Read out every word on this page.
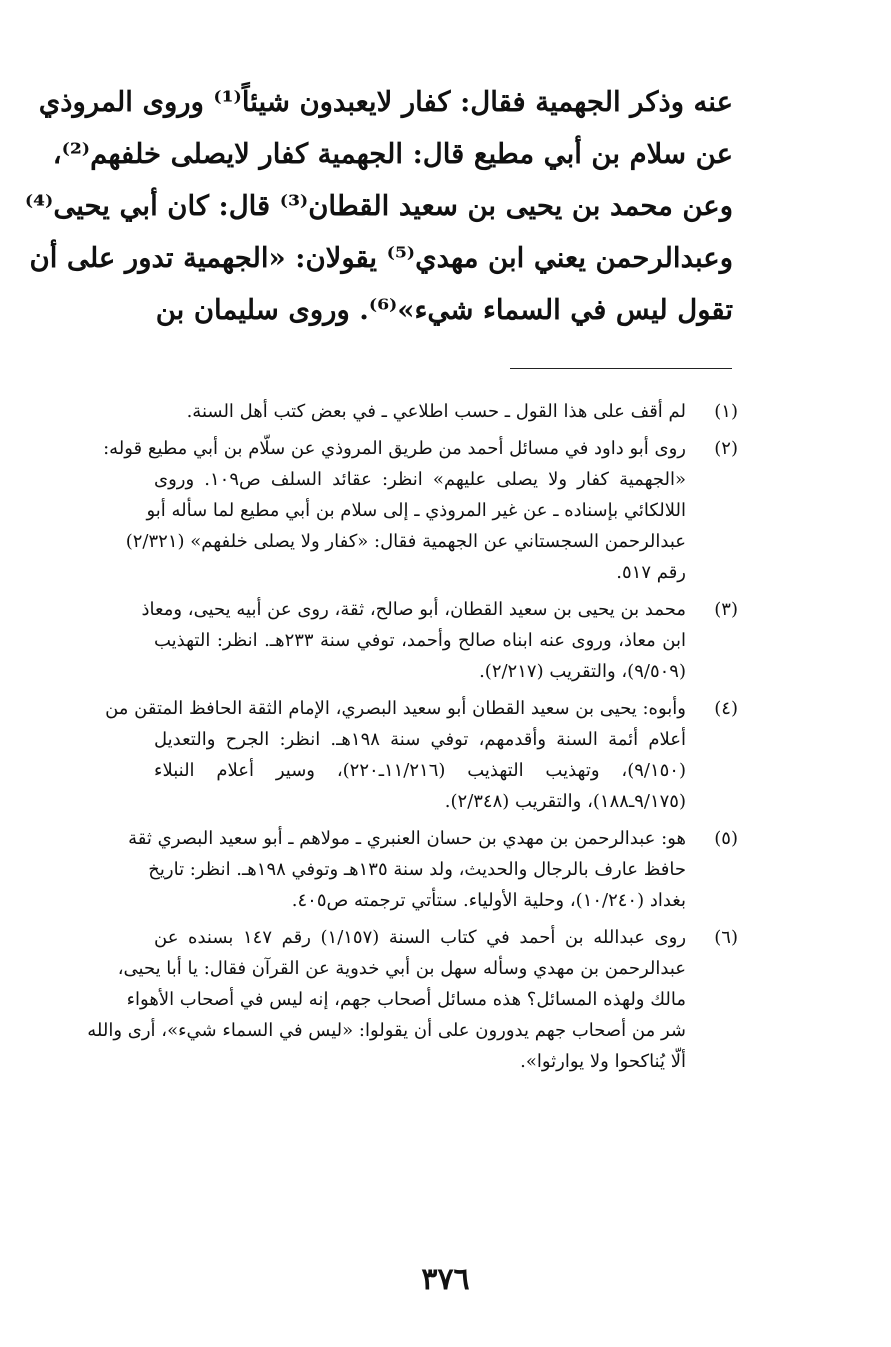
عنه وذكر الجهمية فقال: كفار لايعبدون شيئاً⁽¹⁾ وروى المروذي
عن سلام بن أبي مطيع قال: الجهمية كفار لايصلى خلفهم⁽²⁾،
وعن محمد بن يحيى بن سعيد القطان⁽³⁾ قال: كان أبي يحيى⁽⁴⁾
وعبدالرحمن يعني ابن مهدي⁽⁵⁾ يقولان: «الجهمية تدور على أن
تقول ليس في السماء شيء»⁽⁶⁾. وروى سليمان بن
(١)
لم أقف على هذا القول ـ حسب اطلاعي ـ في بعض كتب أهل السنة.
(٢)
روى أبو داود في مسائل أحمد من طريق المروذي عن سلّام بن أبي مطيع قوله:
«الجهمية كفار ولا يصلى عليهم» انظر: عقائد السلف ص١٠٩. وروى
اللالكائي بإسناده ـ عن غير المروذي ـ إلى سلام بن أبي مطيع لما سأله أبو
عبدالرحمن السجستاني عن الجهمية فقال: «كفار ولا يصلى خلفهم» (٢/٣٢١)
رقم ٥١٧.
(٣)
محمد بن يحيى بن سعيد القطان، أبو صالح، ثقة، روى عن أبيه يحيى، ومعاذ
ابن معاذ، وروى عنه ابناه صالح وأحمد، توفي سنة ٢٣٣هـ. انظر: التهذيب
(٩/٥٠٩)، والتقريب (٢/٢١٧).
(٤)
وأبوه: يحيى بن سعيد القطان أبو سعيد البصري، الإمام الثقة الحافظ المتقن من
أعلام أئمة السنة وأقدمهم، توفي سنة ١٩٨هـ. انظر: الجرح والتعديل
(٩/١٥٠)، وتهذيب التهذيب (١١/٢١٦ـ٢٢٠)، وسير أعلام النبلاء
(٩/١٧٥ـ١٨٨)، والتقريب (٢/٣٤٨).
(٥)
هو: عبدالرحمن بن مهدي بن حسان العنبري ـ مولاهم ـ أبو سعيد البصري ثقة
حافظ عارف بالرجال والحديث، ولد سنة ١٣٥هـ وتوفي ١٩٨هـ. انظر: تاريخ
بغداد (١٠/٢٤٠)، وحلية الأولياء. ستأتي ترجمته ص٤٠٥.
(٦)
روى عبدالله بن أحمد في كتاب السنة (١/١٥٧) رقم ١٤٧ بسنده عن
عبدالرحمن بن مهدي وسأله سهل بن أبي خدوية عن القرآن فقال: يا أبا يحيى،
مالك ولهذه المسائل؟ هذه مسائل أصحاب جهم، إنه ليس في أصحاب الأهواء
شر من أصحاب جهم يدورون على أن يقولوا: «ليس في السماء شيء»، أرى والله
ألّا يُناكحوا ولا يوارثوا».
٣٧٦
